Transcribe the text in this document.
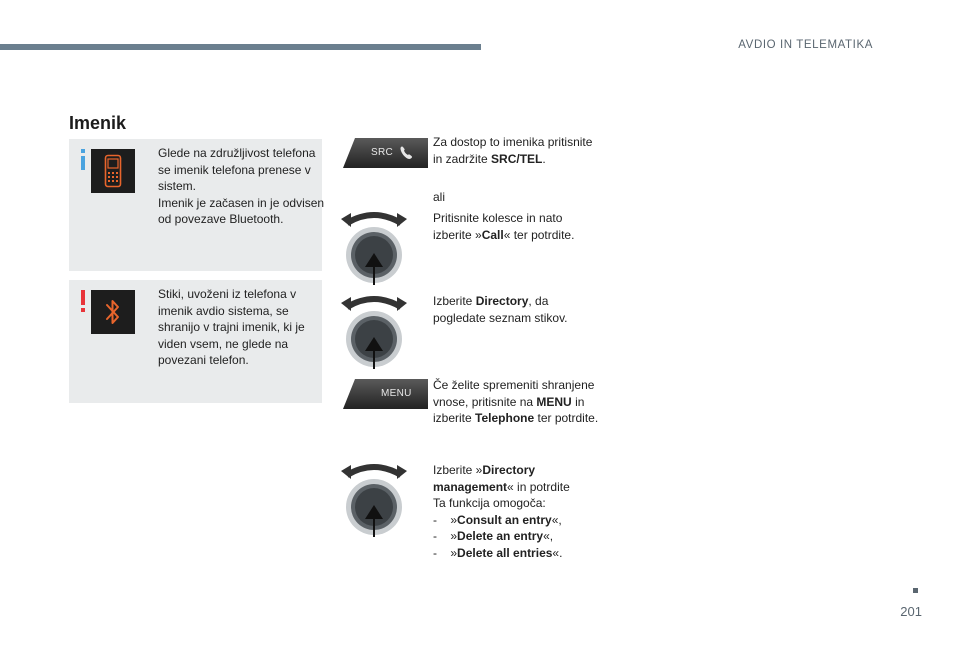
AVDIO IN TELEMATIKA
Imenik

Glede na združljivost telefona se imenik telefona prenese v sistem.

Imenik je začasen in je odvisen od povezave Bluetooth.

Stiki, uvoženi iz telefona v imenik avdio sistema, se shranijo v trajni imenik, ki je viden vsem, ne glede na povezani telefon.
SRC
MENU
Za dostop to imenika pritisnite in zadržite SRC/TEL.
ali
Pritisnite kolesce in nato izberite »Call« ter potrdite.
Izberite Directory, da pogledate seznam stikov.
Če želite spremeniti shranjene vnose, pritisnite na MENU in izberite Telephone ter potrdite.

Izberite »Directory management« in potrdite

Ta funkcija omogoča:

- »Consult an entry«,

- »Delete an entry«,

- »Delete all entries«.

201
